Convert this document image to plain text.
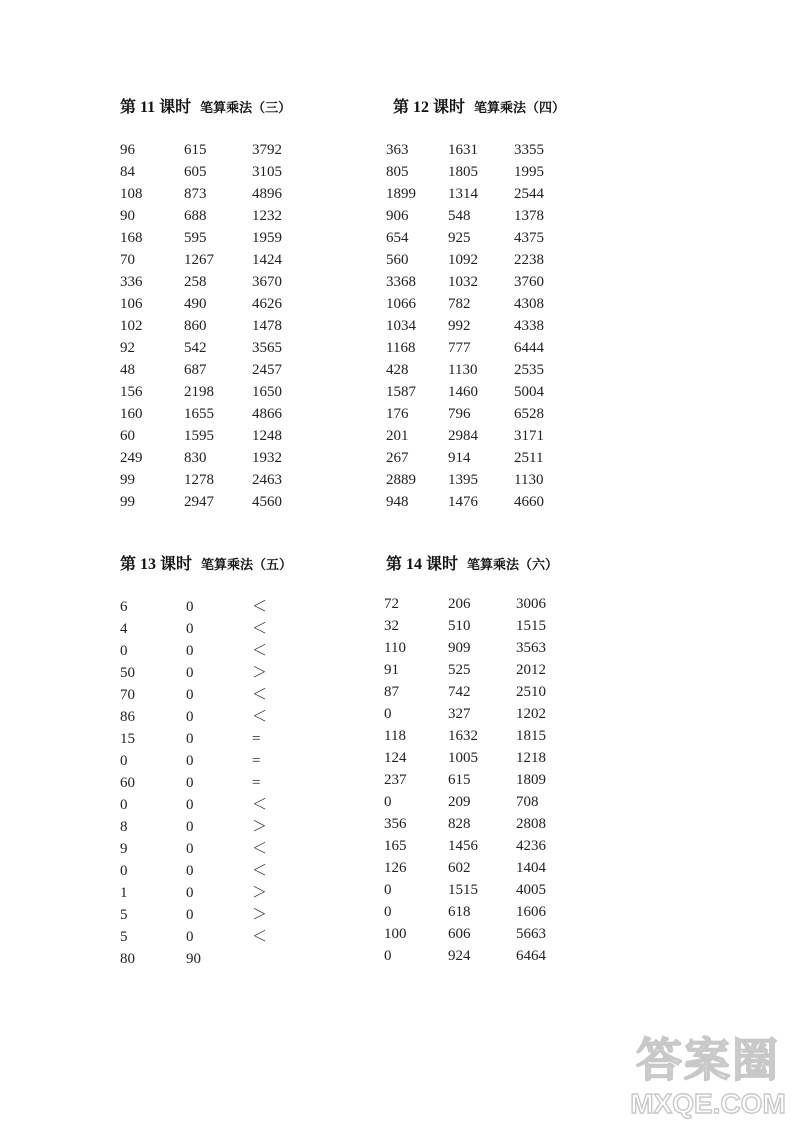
第 11 课时 笔算乘法（三）
96	615	3792
84	605	3105
108	873	4896
90	688	1232
168	595	1959
70	1267	1424
336	258	3670
106	490	4626
102	860	1478
92	542	3565
48	687	2457
156	2198	1650
160	1655	4866
60	1595	1248
249	830	1932
99	1278	2463
99	2947	4560
第 12 课时 笔算乘法（四）
363	1631	3355
805	1805	1995
1899	1314	2544
906	548	1378
654	925	4375
560	1092	2238
3368	1032	3760
1066	782	4308
1034	992	4338
1168	777	6444
428	1130	2535
1587	1460	5004
176	796	6528
201	2984	3171
267	914	2511
2889	1395	1130
948	1476	4660
第 13 课时 笔算乘法（五）
6	0	＜
4	0	＜
0	0	＜
50	0	＞
70	0	＜
86	0	＜
15	0	=
0	0	=
60	0	=
0	0	＜
8	0	＞
9	0	＜
0	0	＜
1	0	＞
5	0	＞
5	0	＜
80	90
第 14 课时 笔算乘法（六）
72	206	3006
32	510	1515
110	909	3563
91	525	2012
87	742	2510
0	327	1202
118	1632	1815
124	1005	1218
237	615	1809
0	209	708
356	828	2808
165	1456	4236
126	602	1404
0	1515	4005
0	618	1606
100	606	5663
0	924	6464
答案圈
MXQE.COM
